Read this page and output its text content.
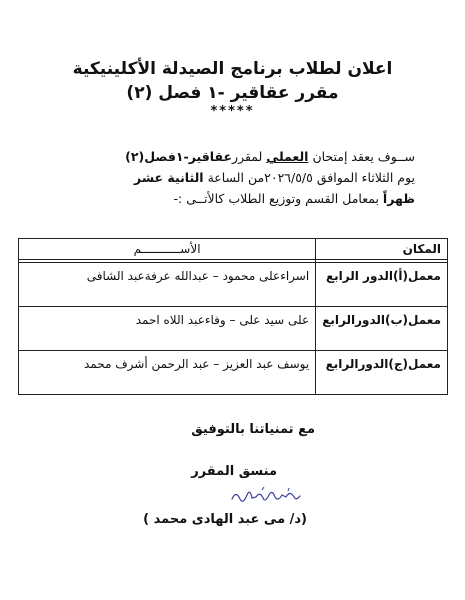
اعلان لطلاب برنامج الصيدلة الأكلينيكية
مقرر عقاقير -١ فصل (٢)
*****
ســوف يعقد إمتحان العملي لمقررعقاقير-١فصل(٢)
يوم الثلاثاء الموافق ٢٠٢٦/٥/٥من الساعة الثانية عشر
ظهراً بمعامل القسم وتوزيع الطلاب كالأتــى :-
المكان	الأســـــــــــم

معمل(أ)الدور الرابع	اسراءعلى محمود – عبدالله عرفةعبد الشافى
معمل(ب)الدورالرابع	على سيد على – وفاءعبد اللاه احمد
معمل(ج)الدورالرابع	يوسف عبد العزيز – عبد الرحمن أشرف محمد
مع تمنياتنا بالتوفيق
منسق المقرر
(د/ مى عبد الهادى محمد )
